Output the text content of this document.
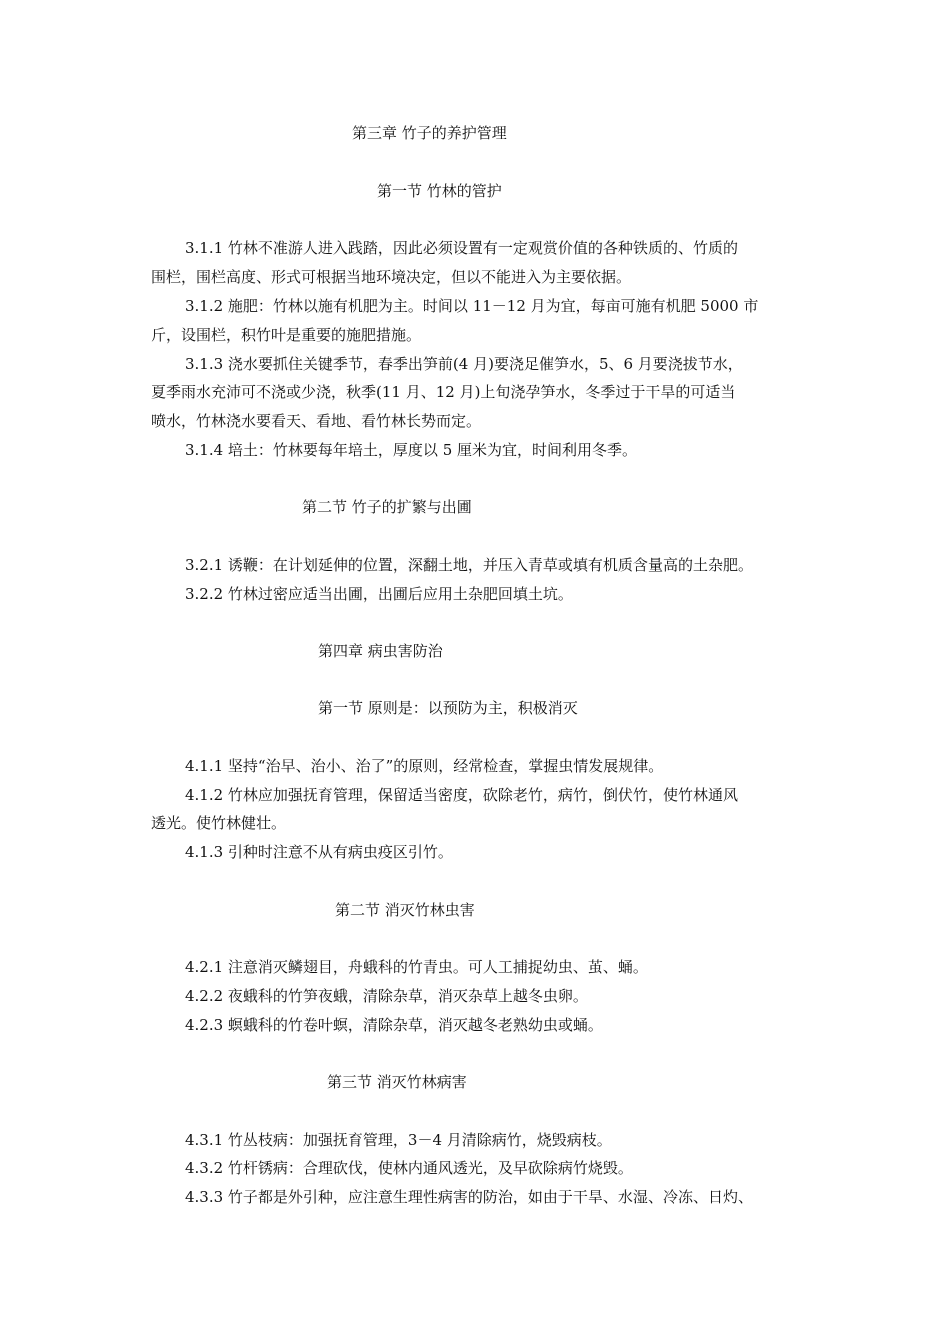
第三章 竹子的养护管理
第一节 竹林的管护

3.1.1 竹林不准游人进入践踏，因此必须设置有一定观赏价值的各种铁质的、竹质的

围栏，围栏高度、形式可根据当地环境决定，但以不能进入为主要依据。

3.1.2 施肥：竹林以施有机肥为主。时间以 11－12 月为宜，每亩可施有机肥 5000 市

斤，设围栏，积竹叶是重要的施肥措施。

3.1.3 浇水要抓住关键季节，春季出笋前(4 月)要浇足催笋水，5、6 月要浇拔节水，

夏季雨水充沛可不浇或少浇，秋季(11 月、12 月)上旬浇孕笋水，冬季过于干旱的可适当

喷水，竹林浇水要看天、看地、看竹林长势而定。

3.1.4 培土：竹林要每年培土，厚度以 5 厘米为宜，时间利用冬季。

第二节 竹子的扩繁与出圃

3.2.1 诱鞭：在计划延伸的位置，深翻土地，并压入青草或填有机质含量高的土杂肥。

3.2.2 竹林过密应适当出圃，出圃后应用土杂肥回填土坑。

第四章 病虫害防治
第一节 原则是：以预防为主，积极消灭

4.1.1 坚持“治早、治小、治了”的原则，经常检查，掌握虫情发展规律。

4.1.2 竹林应加强抚育管理，保留适当密度，砍除老竹，病竹，倒伏竹，使竹林通风

透光。使竹林健壮。

4.1.3 引种时注意不从有病虫疫区引竹。

第二节 消灭竹林虫害

4.2.1 注意消灭鳞翅目，舟蛾科的竹青虫。可人工捕捉幼虫、茧、蛹。

4.2.2 夜蛾科的竹笋夜蛾，清除杂草，消灭杂草上越冬虫卵。

4.2.3 螟蛾科的竹卷叶螟，清除杂草，消灭越冬老熟幼虫或蛹。

第三节 消灭竹林病害

4.3.1 竹丛枝病：加强抚育管理，3－4 月清除病竹，烧毁病枝。

4.3.2 竹杆锈病：合理砍伐，使林内通风透光，及早砍除病竹烧毁。

4.3.3 竹子都是外引种，应注意生理性病害的防治，如由于干旱、水湿、冷冻、日灼、
